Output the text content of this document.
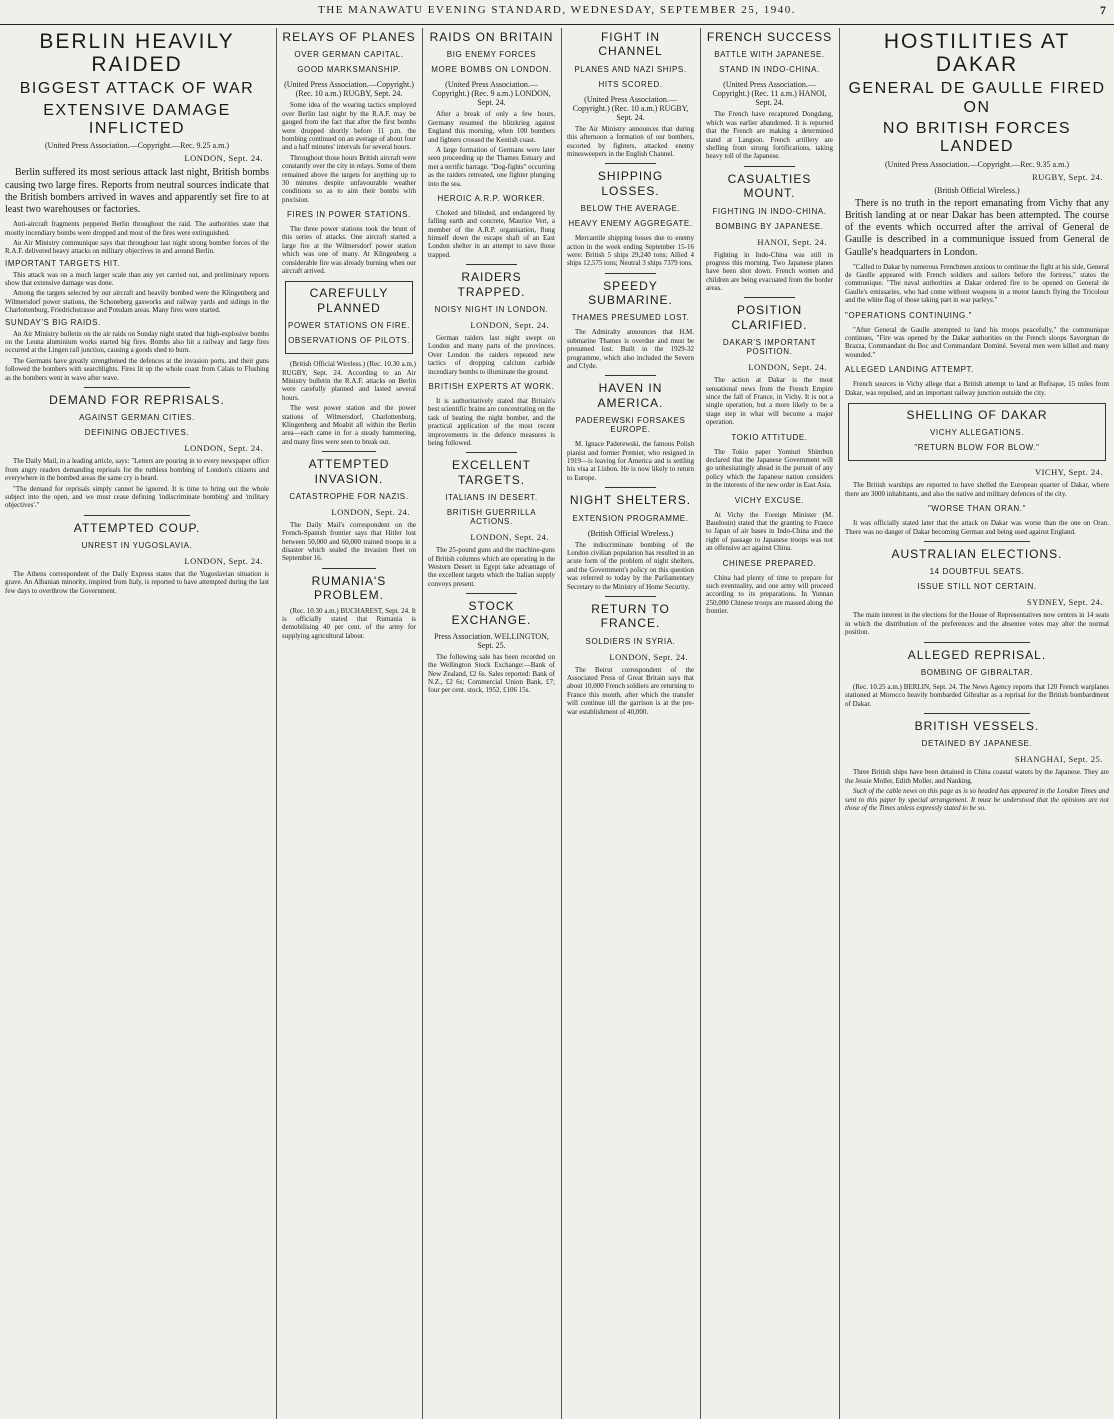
THE MANAWATU EVENING STANDARD, WEDNESDAY, SEPTEMBER 25, 1940.	7
BERLIN HEAVILY RAIDED
BIGGEST ATTACK OF WAR
EXTENSIVE DAMAGE INFLICTED
(United Press Association.—Copyright.—Rec. 9.25 a.m.)
LONDON, Sept. 24.
Berlin suffered its most serious attack last night, British bombs causing two large fires. Reports from neutral sources indicate that the British bombers arrived in waves and apparently set fire to at least two warehouses or factories.

Anti-aircraft fragments peppered Berlin throughout the raid. The authorities state that mostly incendiary bombs were dropped and most of the fires were extinguished.

An Air Ministry communique says that throughout last night strong bomber forces of the R.A.F. delivered heavy attacks on military objectives in and around Berlin.

IMPORTANT TARGETS HIT.

This attack was on a much larger scale than any yet carried out, and preliminary reports show that extensive damage was done.

Among the targets selected by our aircraft and heavily bombed were the Klingenberg and Wilmersdorf power stations, the Schoneberg gasworks and railway yards and sidings in the Charlottenburg, Friedrichstrasse and Potsdam areas. Many fires were started.

SUNDAY'S BIG RAIDS.

An Air Ministry bulletin on the air raids on Sunday night stated that high-explosive bombs on the Leuna aluminium works started big fires. Bombs also hit a railway and large fires occurred at the Lingen rail junction, causing a goods shed to burn.

The Germans have greatly strengthened the defences at the invasion ports, and their guns followed the bombers with searchlights. Fires lit up the whole coast from Calais to Flushing as the bombers went in wave after wave.

DEMAND FOR REPRISALS.
AGAINST GERMAN CITIES.
DEFINING OBJECTIVES.
LONDON, Sept. 24.

The Daily Mail, in a leading article, says: "Letters are pouring in to every newspaper office from angry readers demanding reprisals for the ruthless bombing of London's citizens and everywhere in the bombed areas the same cry is heard.

"The demand for reprisals simply cannot be ignored. It is time to bring out the whole subject into the open, and we must cease defining 'indiscriminate bombing' and 'military objectives'."

ATTEMPTED COUP.
UNREST IN YUGOSLAVIA.
LONDON, Sept. 24.

The Athens correspondent of the Daily Express states that the Yugoslavian situation is grave. An Albanian minority, inspired from Italy, is reported to have attempted during the last few days to overthrow the Government.

RELAYS OF PLANES
OVER GERMAN CAPITAL.
GOOD MARKSMANSHIP.
(United Press Association.—Copyright.) (Rec. 10 a.m.) RUGBY, Sept. 24.

Some idea of the wearing tactics employed over Berlin last night by the R.A.F. may be gauged from the fact that after the first bombs were dropped shortly before 11 p.m. the bombing continued on an average of about four and a half minutes' intervals for several hours.

Throughout those hours British aircraft were constantly over the city in relays. Some of them remained above the targets for anything up to 30 minutes despite unfavourable weather conditions so as to aim their bombs with precision.

FIRES IN POWER STATIONS.

The three power stations took the brunt of this series of attacks. One aircraft started a large fire at the Wilmersdorf power station which was one of many. At Klingenberg a considerable fire was already burning when our aircraft arrived.

CAREFULLY PLANNED
POWER STATIONS ON FIRE.
OBSERVATIONS OF PILOTS.

(British Official Wireless.) (Rec. 10.30 a.m.) RUGBY, Sept. 24. According to an Air Ministry bulletin the R.A.F. attacks on Berlin were carefully planned and lasted several hours.

The west power station and the power stations of Wilmersdorf, Charlottenburg, Klingenberg and Moabit all within the Berlin area—each came in for a steady hammering, and many fires were seen to break out.

ATTEMPTED INVASION.
CATASTROPHE FOR NAZIS.
LONDON, Sept. 24.

The Daily Mail's correspondent on the French-Spanish frontier says that Hitler lost between 50,000 and 60,000 trained troops in a disaster which sealed the invasion fleet on September 16.

RUMANIA'S PROBLEM.

(Rec. 10.30 a.m.) BUCHAREST, Sept. 24. It is officially stated that Rumania is demobilising 40 per cent. of the army for supplying agricultural labour.

RAIDS ON BRITAIN
BIG ENEMY FORCES
MORE BOMBS ON LONDON.
(United Press Association.—Copyright.) (Rec. 9 a.m.) LONDON, Sept. 24.

After a break of only a few hours, Germany resumed the blitzkrieg against England this morning, when 100 bombers and fighters crossed the Kentish coast.

A large formation of Germans were later seen proceeding up the Thames Estuary and met a terrific barrage. "Dog-fights" occurring as the raiders retreated, one fighter plunging into the sea.

HEROIC A.R.P. WORKER.

Choked and blinded, and endangered by falling earth and concrete, Maurice Vert, a member of the A.R.P. organisation, flung himself down the escape shaft of an East London shelter in an attempt to save those trapped.

RAIDERS TRAPPED.
NOISY NIGHT IN LONDON.
LONDON, Sept. 24.

German raiders last night swept on London and many parts of the provinces. Over London the raiders repeated new tactics of dropping calcium carbide incendiary bombs to illuminate the ground.

BRITISH EXPERTS AT WORK.

It is authoritatively stated that Britain's best scientific brains are concentrating on the task of beating the night bomber, and the practical application of the most recent improvements in the defence measures is being followed.

EXCELLENT TARGETS.
ITALIANS IN DESERT.
BRITISH GUERRILLA ACTIONS.
LONDON, Sept. 24.

The 25-pound guns and the machine-guns of British columns which are operating in the Western Desert in Egypt take advantage of the excellent targets which the Italian supply convoys present.

STOCK EXCHANGE.
Press Association. WELLINGTON, Sept. 25.

The following sale has been recorded on the Wellington Stock Exchange:—Bank of New Zealand, £2 6s. Sales reported: Bank of N.Z., £2 6s; Commercial Union Bank, £7; four per cent. stock, 1952, £106 15s.

FIGHT IN CHANNEL
PLANES AND NAZI SHIPS.
HITS SCORED.
(United Press Association.—Copyright.) (Rec. 10 a.m.) RUGBY, Sept. 24.

The Air Ministry announces that during this afternoon a formation of our bombers, escorted by fighters, attacked enemy minesweepers in the English Channel.

SHIPPING LOSSES.
BELOW THE AVERAGE.
HEAVY ENEMY AGGREGATE.

Mercantile shipping losses due to enemy action in the week ending September 15-16 were: British 5 ships 29,240 tons; Allied 4 ships 12,575 tons; Neutral 3 ships 7379 tons.

SPEEDY SUBMARINE.
THAMES PRESUMED LOST.

The Admiralty announces that H.M. submarine Thames is overdue and must be presumed lost. Built in the 1929-32 programme, which also included the Severn and Clyde.

HAVEN IN AMERICA.
PADEREWSKI FORSAKES EUROPE.

M. Ignace Paderewski, the famous Polish pianist and former Premier, who resigned in 1919—is leaving for America and is settling his visa at Lisbon. He is now likely to return to Europe.

NIGHT SHELTERS.
EXTENSION PROGRAMME.
(British Official Wireless.)

The indiscriminate bombing of the London civilian population has resulted in an acute form of the problem of night shelters, and the Government's policy on this question was referred to today by the Parliamentary Secretary to the Ministry of Home Security.

RETURN TO FRANCE.
SOLDIERS IN SYRIA.
LONDON, Sept. 24.

The Beirut correspondent of the Associated Press of Great Britain says that about 10,000 French soldiers are returning to France this month, after which the transfer will continue till the garrison is at the pre-war establishment of 40,000.

FRENCH SUCCESS
BATTLE WITH JAPANESE.
STAND IN INDO-CHINA.
(United Press Association.—Copyright.) (Rec. 11 a.m.) HANOI, Sept. 24.

The French have recaptured Dongdang, which was earlier abandoned. It is reported that the French are making a determined stand at Langson. French artillery are shelling from strong fortifications, taking heavy toll of the Japanese.

CASUALTIES MOUNT.
FIGHTING IN INDO-CHINA.
BOMBING BY JAPANESE.
HANOI, Sept. 24.

Fighting in Indo-China was still in progress this morning. Two Japanese planes have been shot down. French women and children are being evacuated from the border areas.

POSITION CLARIFIED.
DAKAR'S IMPORTANT POSITION.
LONDON, Sept. 24.

The action at Dakar is the most sensational news from the French Empire since the fall of France, in Vichy. It is not a single operation, but a more likely to be a stage step in what will become a major operation.

TOKIO ATTITUDE.

The Tokio paper Yomiuri Shimbun declared that the Japanese Government will go unhesitatingly ahead in the pursuit of any policy which the Japanese nation considers in the interests of the new order in East Asia.

VICHY EXCUSE.

At Vichy the Foreign Minister (M. Baudouin) stated that the granting to France to Japan of air bases in Indo-China and the right of passage to Japanese troops was not an offensive act against China.

CHINESE PREPARED.

China had plenty of time to prepare for such eventuality, and one army will proceed according to its preparations. In Yunnan 250,000 Chinese troops are massed along the frontier.

HOSTILITIES AT DAKAR
GENERAL DE GAULLE FIRED ON
NO BRITISH FORCES LANDED
(United Press Association.—Copyright.—Rec. 9.35 a.m.)
RUGBY, Sept. 24.
(British Official Wireless.)
There is no truth in the report emanating from Vichy that any British landing at or near Dakar has been attempted. The course of the events which occurred after the arrival of General de Gaulle is described in a communique issued from General de Gaulle's headquarters in London.

"Called to Dakar by numerous Frenchmen anxious to continue the fight at his side, General de Gaulle appeared with French soldiers and sailors before the fortress," states the communique. "The naval authorities at Dakar ordered fire to be opened on General de Gaulle's emissaries, who had come without weapons in a motor launch flying the Tricolour and the white flag of those taking part in war parleys."

"OPERATIONS CONTINUING."

"After General de Gaulle attempted to land his troops peacefully," the communique continues, "Fire was opened by the Dakar authorities on the French sloops Savorgnan de Brazza, Commandant du Boc and Commandant Dominé. Several men were killed and many wounded."

ALLEGED LANDING ATTEMPT.

French sources in Vichy allege that a British attempt to land at Rufisque, 15 miles from Dakar, was repulsed, and an important railway junction outside the city.

SHELLING OF DAKAR
VICHY ALLEGATIONS.
"RETURN BLOW FOR BLOW."
VICHY, Sept. 24.

The British warships are reported to have shelled the European quarter of Dakar, where there are 3000 inhabitants, and also the native and military defences of the city.

"WORSE THAN ORAN."

It was officially stated later that the attack on Dakar was worse than the one on Oran. There was no danger of Dakar becoming German and being used against England.

AUSTRALIAN ELECTIONS.
14 DOUBTFUL SEATS.
ISSUE STILL NOT CERTAIN.
SYDNEY, Sept. 24.

The main interest in the elections for the House of Representatives now centres in 14 seats in which the distribution of the preferences and the absentee votes may alter the normal position.

ALLEGED REPRISAL.
BOMBING OF GIBRALTAR.

(Rec. 10.25 a.m.) BERLIN, Sept. 24. The News Agency reports that 120 French warplanes stationed at Morocco heavily bombarded Gibraltar as a reprisal for the British bombardment of Dakar.

BRITISH VESSELS.
DETAINED BY JAPANESE.
SHANGHAI, Sept. 25.

Three British ships have been detained in China coastal waters by the Japanese. They are the Jessie Moller, Edith Moller, and Nanking.

Such of the cable news on this page as is so headed has appeared in the London Times and sent to this paper by special arrangement. It must be understood that the opinions are not those of the Times unless expressly stated to be so.
